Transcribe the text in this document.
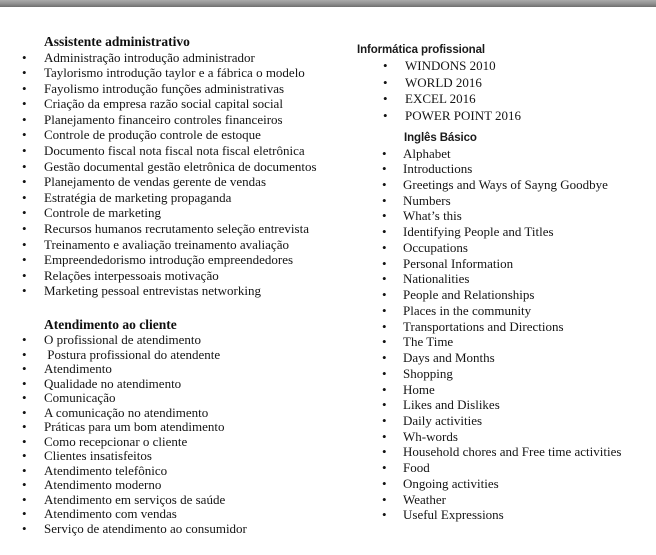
Assistente administrativo
• Administração introdução administrador
• Taylorismo introdução taylor e a fábrica o modelo
• Fayolismo introdução funções administrativas
• Criação da empresa razão social capital social
• Planejamento financeiro controles financeiros
• Controle de produção controle de estoque
• Documento fiscal nota fiscal nota fiscal eletrônica
• Gestão documental gestão eletrônica de documentos
• Planejamento de vendas gerente de vendas
• Estratégia de marketing propaganda
• Controle de marketing
• Recursos humanos recrutamento seleção entrevista
• Treinamento e avaliação treinamento avaliação
• Empreendedorismo introdução empreendedores
• Relações interpessoais motivação
• Marketing pessoal entrevistas networking
Atendimento ao cliente
• O profissional de atendimento
•  Postura profissional do atendente
• Atendimento
• Qualidade no atendimento
• Comunicação
• A comunicação no atendimento
• Práticas para um bom atendimento
• Como recepcionar o cliente
• Clientes insatisfeitos
• Atendimento telefônico
• Atendimento moderno
• Atendimento em serviços de saúde
• Atendimento com vendas
• Serviço de atendimento ao consumidor
Informática profissional
• WINDONS 2010
• WORLD 2016
• EXCEL 2016
• POWER POINT 2016
Inglês Básico
• Alphabet
• Introductions
• Greetings and Ways of Sayng Goodbye
• Numbers
• What’s this
• Identifying People and Titles
• Occupations
• Personal Information
• Nationalities
• People and Relationships
• Places in the community
• Transportations and Directions
• The Time
• Days and Months
• Shopping
• Home
• Likes and Dislikes
• Daily activities
• Wh-words
• Household chores and Free time activities
• Food
• Ongoing activities
• Weather
• Useful Expressions
